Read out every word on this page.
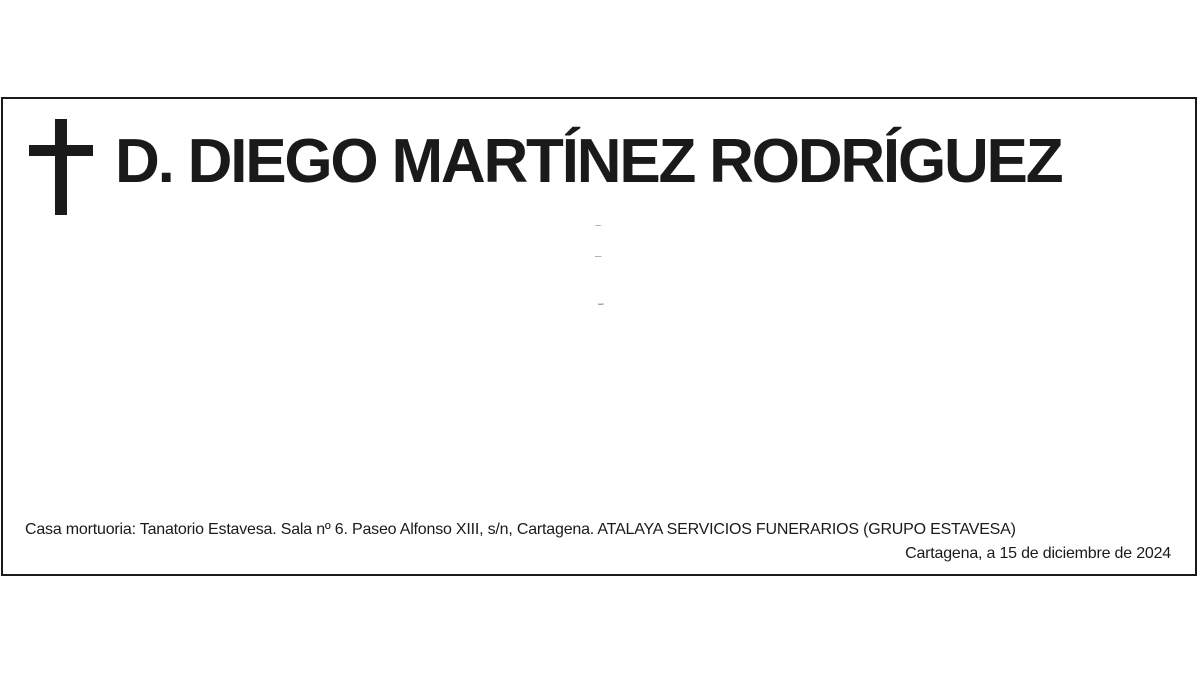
D. DIEGO MARTÍNEZ RODRÍGUEZ
D.E.P.
Casa mortuoria: Tanatorio Estavesa. Sala nº 6. Paseo Alfonso XIII, s/n, Cartagena. ATALAYA SERVICIOS FUNERARIOS (GRUPO ESTAVESA)
Cartagena, a 15 de diciembre de 2024
